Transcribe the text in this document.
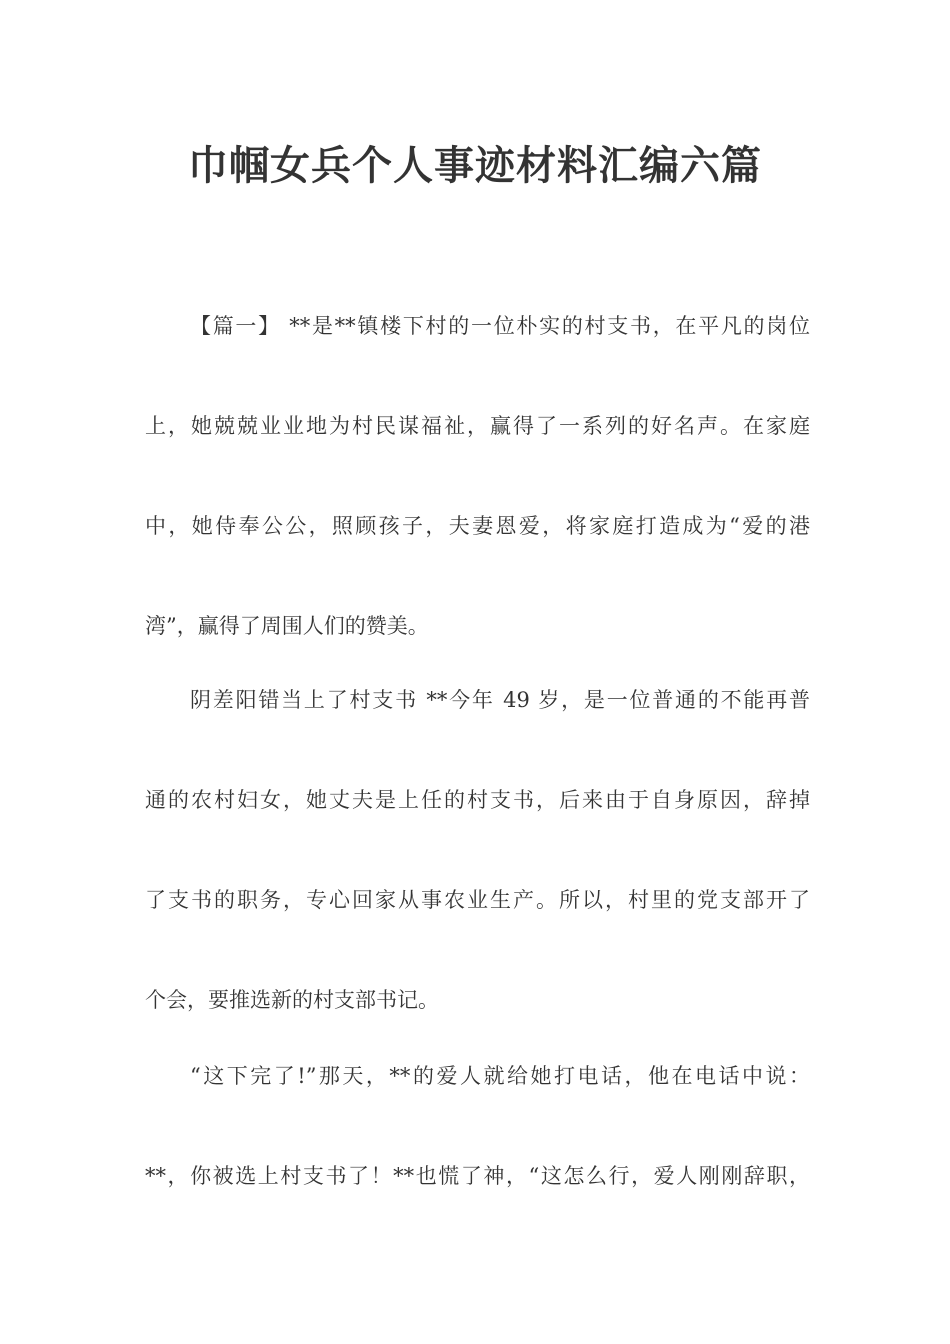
巾帼女兵个人事迹材料汇编六篇

【篇一】 **是**镇楼下村的一位朴实的村支书，在平凡的岗位

上，她兢兢业业地为村民谋福祉，赢得了一系列的好名声。在家庭

中，她侍奉公公，照顾孩子，夫妻恩爱，将家庭打造成为“爱的港

湾”，赢得了周围人们的赞美。

阴差阳错当上了村支书 **今年 49 岁，是一位普通的不能再普

通的农村妇女，她丈夫是上任的村支书，后来由于自身原因，辞掉

了支书的职务，专心回家从事农业生产。所以，村里的党支部开了

个会，要推选新的村支部书记。

“这下完了!”那天，**的爱人就给她打电话，他在电话中说：

**，你被选上村支书了！**也慌了神，“这怎么行，爱人刚刚辞职，
